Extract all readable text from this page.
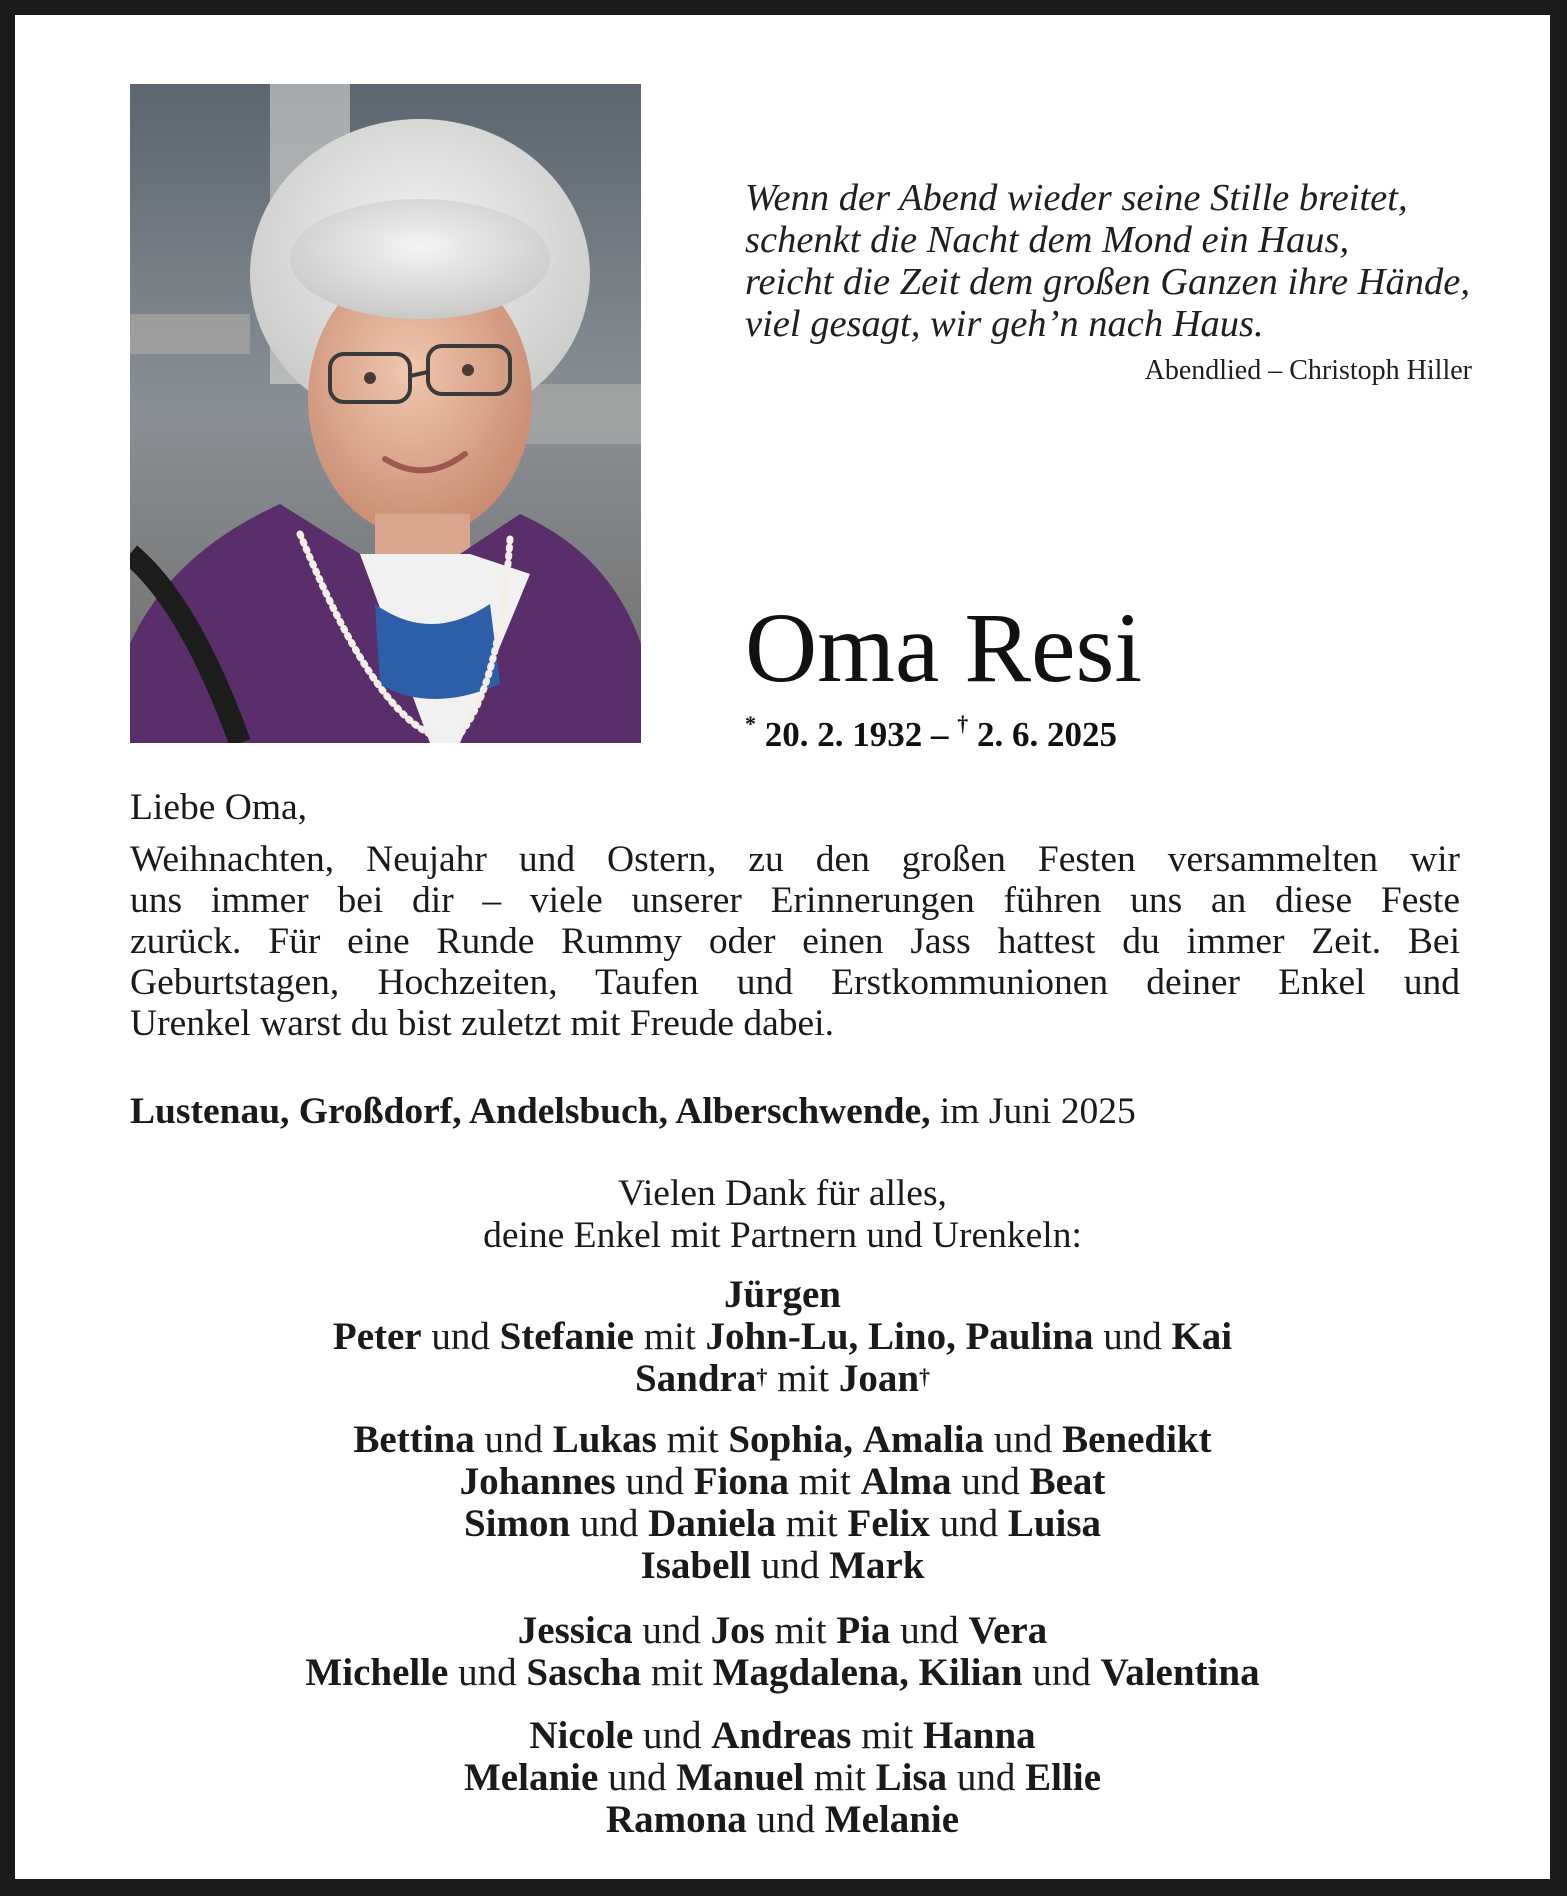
Wenn der Abend wieder seine Stille breitet,
schenkt die Nacht dem Mond ein Haus,
reicht die Zeit dem großen Ganzen ihre Hände,
viel gesagt, wir geh’n nach Haus.
Abendlied – Christoph Hiller
Oma Resi
* 20. 2. 1932 – † 2. 6. 2025
Liebe Oma,
Weihnachten, Neujahr und Ostern, zu den großen Festen versammelten wir
uns immer bei dir – viele unserer Erinnerungen führen uns an diese Feste
zurück. Für eine Runde Rummy oder einen Jass hattest du immer Zeit. Bei
Geburtstagen, Hochzeiten, Taufen und Erstkommunionen deiner Enkel und
Urenkel warst du bist zuletzt mit Freude dabei.
Lustenau, Großdorf, Andelsbuch, Alberschwende, im Juni 2025
Vielen Dank für alles,
deine Enkel mit Partnern und Urenkeln:
Jürgen
Peter und Stefanie mit John-Lu, Lino, Paulina und Kai
Sandra† mit Joan†
Bettina und Lukas mit Sophia, Amalia und Benedikt
Johannes und Fiona mit Alma und Beat
Simon und Daniela mit Felix und Luisa
Isabell und Mark
Jessica und Jos mit Pia und Vera
Michelle und Sascha mit Magdalena, Kilian und Valentina
Nicole und Andreas mit Hanna
Melanie und Manuel mit Lisa und Ellie
Ramona und Melanie
